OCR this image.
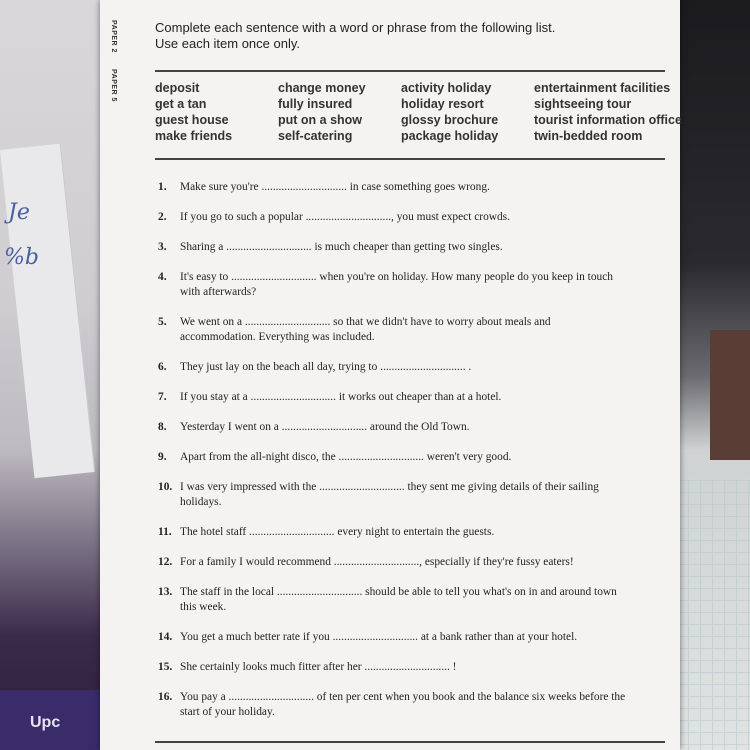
Je
%b
Upc
PAPER 2 PAPER 5
Complete each sentence with a word or phrase from the following list.
Use each item once only.
deposit	change money	activity holiday	entertainment facilities
get a tan	fully insured	holiday resort	sightseeing tour
guest house	put on a show	glossy brochure	tourist information office
make friends	self-catering	package holiday	twin-bedded room
1.	Make sure you're .............................. in case something goes wrong.
2.	If you go to such a popular .............................., you must expect crowds.
3.	Sharing a .............................. is much cheaper than getting two singles.
4.	It's easy to .............................. when you're on holiday. How many people do you keep in touch with afterwards?
5.	We went on a .............................. so that we didn't have to worry about meals and accommodation. Everything was included.
6.	They just lay on the beach all day, trying to .............................. .
7.	If you stay at a .............................. it works out cheaper than at a hotel.
8.	Yesterday I went on a .............................. around the Old Town.
9.	Apart from the all-night disco, the .............................. weren't very good.
10. I was very impressed with the .............................. they sent me giving details of their sailing holidays.
11. The hotel staff .............................. every night to entertain the guests.
12. For a family I would recommend .............................., especially if they're fussy eaters!
13. The staff in the local .............................. should be able to tell you what's on in and around town this week.
14. You get a much better rate if you .............................. at a bank rather than at your hotel.
15. She certainly looks much fitter after her .............................. !
16. You pay a .............................. of ten per cent when you book and the balance six weeks before the start of your holiday.
